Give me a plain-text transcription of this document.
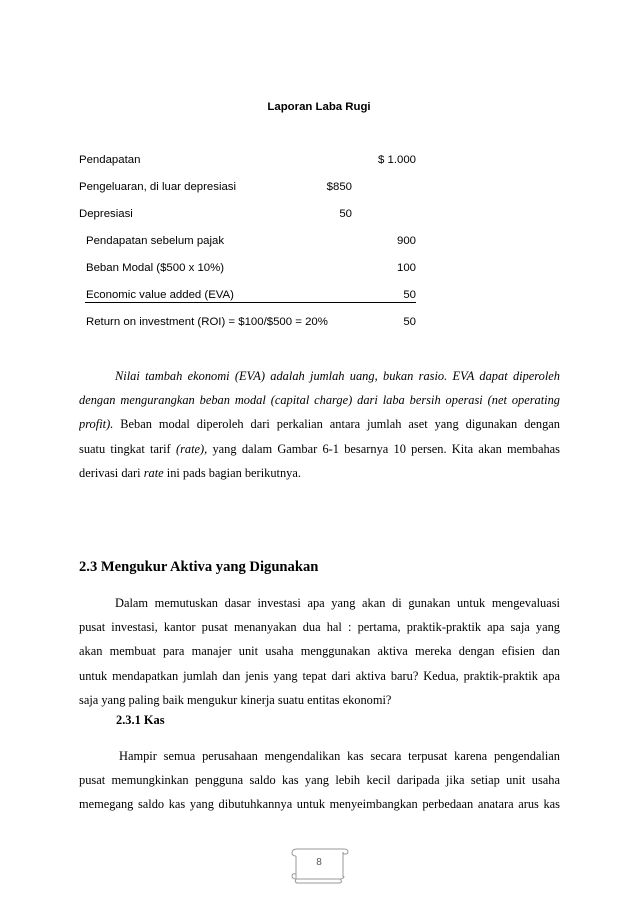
Laporan Laba Rugi
Pendapatan	$ 1.000
Pengeluaran, di luar depresiasi	$850
Depresiasi	50
Pendapatan sebelum pajak	900
Beban Modal ($500 x 10%)	100
Economic value added (EVA)	50
Return on investment (ROI) = $100/$500 = 20%	50
Nilai tambah ekonomi (EVA) adalah jumlah uang, bukan rasio. EVA dapat diperoleh
dengan mengurangkan beban modal (capital charge) dari laba bersih operasi (net operating
profit). Beban modal diperoleh dari perkalian antara jumlah aset yang digunakan dengan
suatu tingkat tarif (rate), yang dalam Gambar 6-1 besarnya 10 persen. Kita akan membahas
derivasi dari rate ini pads bagian berikutnya.
2.3 Mengukur Aktiva yang Digunakan
Dalam memutuskan dasar investasi apa yang akan di gunakan untuk mengevaluasi
pusat investasi, kantor pusat menanyakan dua hal : pertama, praktik-praktik apa saja yang
akan membuat para manajer unit usaha menggunakan aktiva mereka dengan efisien dan
untuk mendapatkan jumlah dan jenis yang tepat dari aktiva baru? Kedua, praktik-praktik apa
saja yang paling baik mengukur kinerja suatu entitas ekonomi?
2.3.1 Kas
Hampir semua perusahaan mengendalikan kas secara terpusat karena pengendalian
pusat memungkinkan pengguna saldo kas yang lebih kecil daripada jika setiap unit usaha
memegang saldo kas yang dibutuhkannya untuk menyeimbangkan perbedaan anatara arus kas
8
